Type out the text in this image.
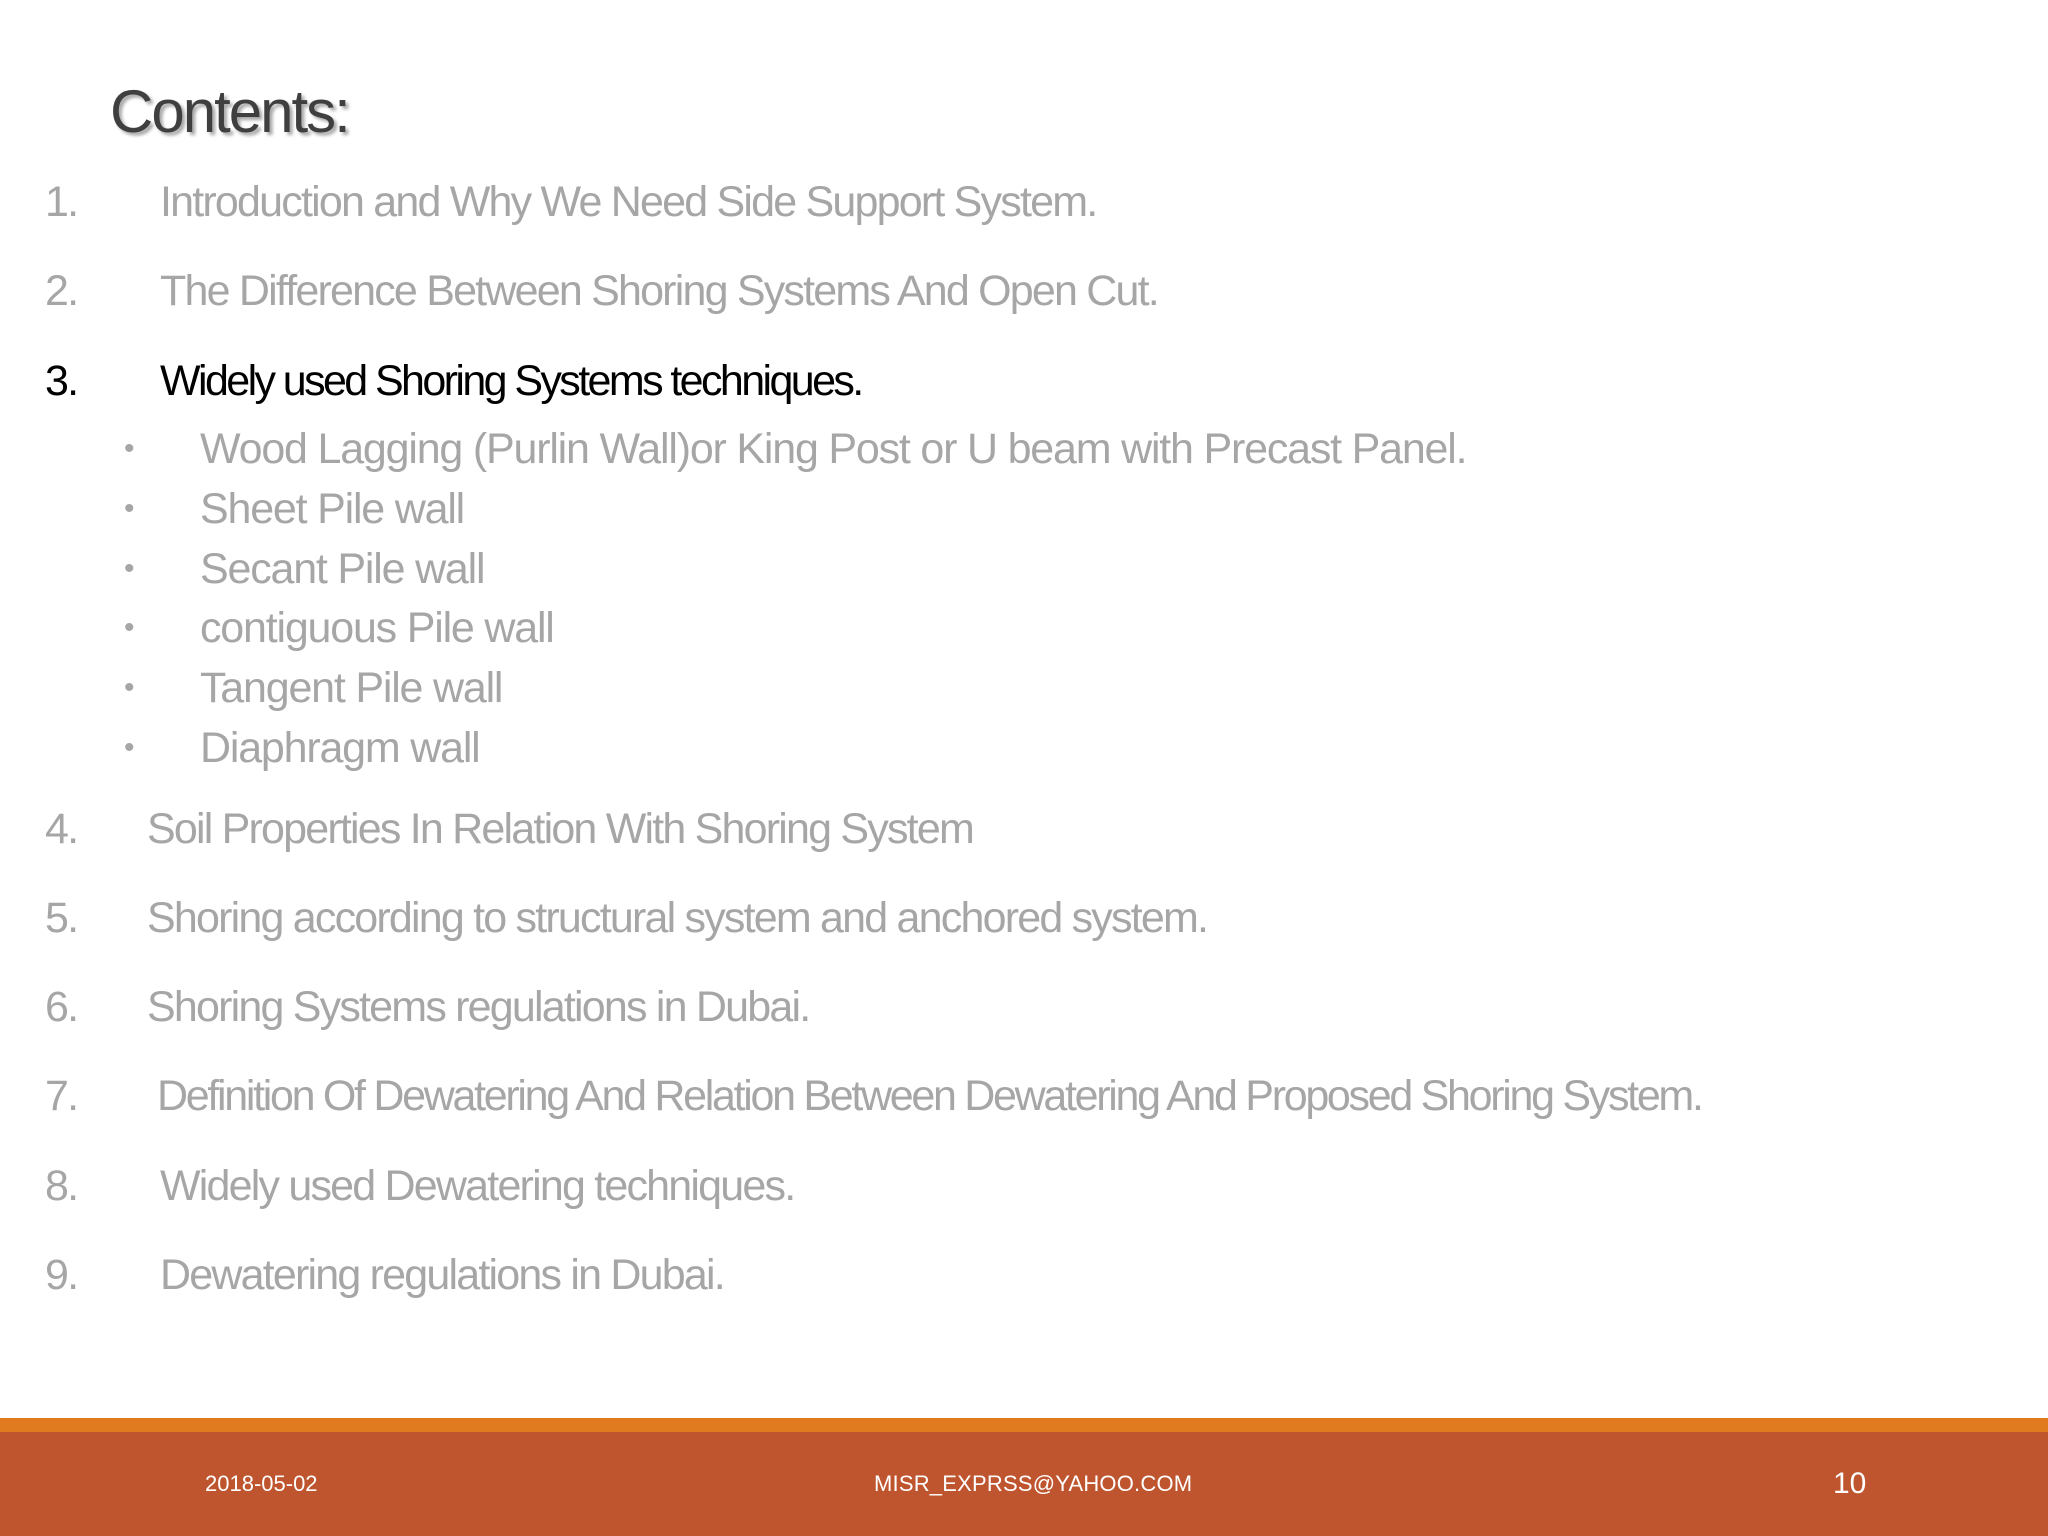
Contents:
1. Introduction and Why We Need Side Support System.
2. The Difference Between Shoring Systems And Open Cut.
3. Widely used Shoring Systems techniques.
• Wood Lagging (Purlin Wall)or King Post or U beam with Precast Panel.
• Sheet Pile wall
• Secant Pile wall
• contiguous Pile wall
• Tangent Pile wall
• Diaphragm wall
4. Soil Properties In Relation With Shoring System
5. Shoring according to structural system and anchored system.
6. Shoring Systems regulations in Dubai.
7. Definition Of Dewatering And Relation Between Dewatering And Proposed Shoring System.
8. Widely used Dewatering techniques.
9. Dewatering regulations in Dubai.
2018-05-02	MISR_EXPRSS@YAHOO.COM	10
